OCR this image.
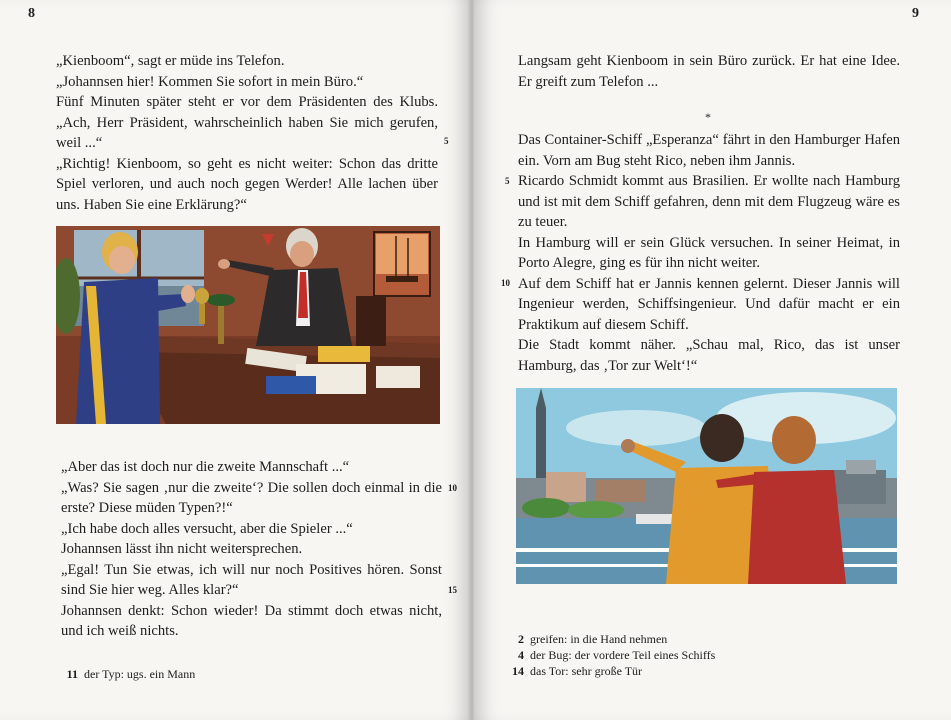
8

„Kienboom“, sagt er müde ins Telefon.

„Johannsen hier! Kommen Sie sofort in mein Büro.“

Fünf Minuten später steht er vor dem Präsidenten des Klubs. „Ach, Herr Präsident, wahrscheinlich haben Sie mich gerufen, weil ...“

„Richtig! Kienboom, so geht es nicht weiter: Schon das dritte Spiel verloren, und auch noch gegen Werder! Alle lachen über uns. Haben Sie eine Erklärung?“

5

„Aber das ist doch nur die zweite Mannschaft ...“

„Was? Sie sagen ‚nur die zweite‘? Die sollen doch einmal in die erste? Diese müden Typen?!“

„Ich habe doch alles versucht, aber die Spieler ...“

Johannsen lässt ihn nicht weitersprechen.

„Egal! Tun Sie etwas, ich will nur noch Positives hören. Sonst sind Sie hier weg. Alles klar?“

Johannsen denkt: Schon wieder! Da stimmt doch etwas nicht, und ich weiß nichts.

10
15
11 der Typ: ugs. ein Mann

Langsam geht Kienboom in sein Büro zurück. Er hat eine Idee. Er greift zum Telefon ...

*

Das Container-Schiff „Esperanza“ fährt in den Hamburger Hafen ein. Vorn am Bug steht Rico, neben ihm Jannis.

Ricardo Schmidt kommt aus Brasilien. Er wollte nach Hamburg und ist mit dem Schiff gefahren, denn mit dem Flugzeug wäre es zu teuer.

In Hamburg will er sein Glück versuchen. In seiner Heimat, in Porto Alegre, ging es für ihn nicht weiter.

Auf dem Schiff hat er Jannis kennen gelernt. Dieser Jannis will Ingenieur werden, Schiffsingenieur. Und dafür macht er ein Praktikum auf diesem Schiff.

Die Stadt kommt näher. „Schau mal, Rico, das ist unser Hamburg, das ‚Tor zur Welt‘!“

5
10
2 greifen: in die Hand nehmen
4 der Bug: der vordere Teil eines Schiffs
14 das Tor: sehr große Tür
9
